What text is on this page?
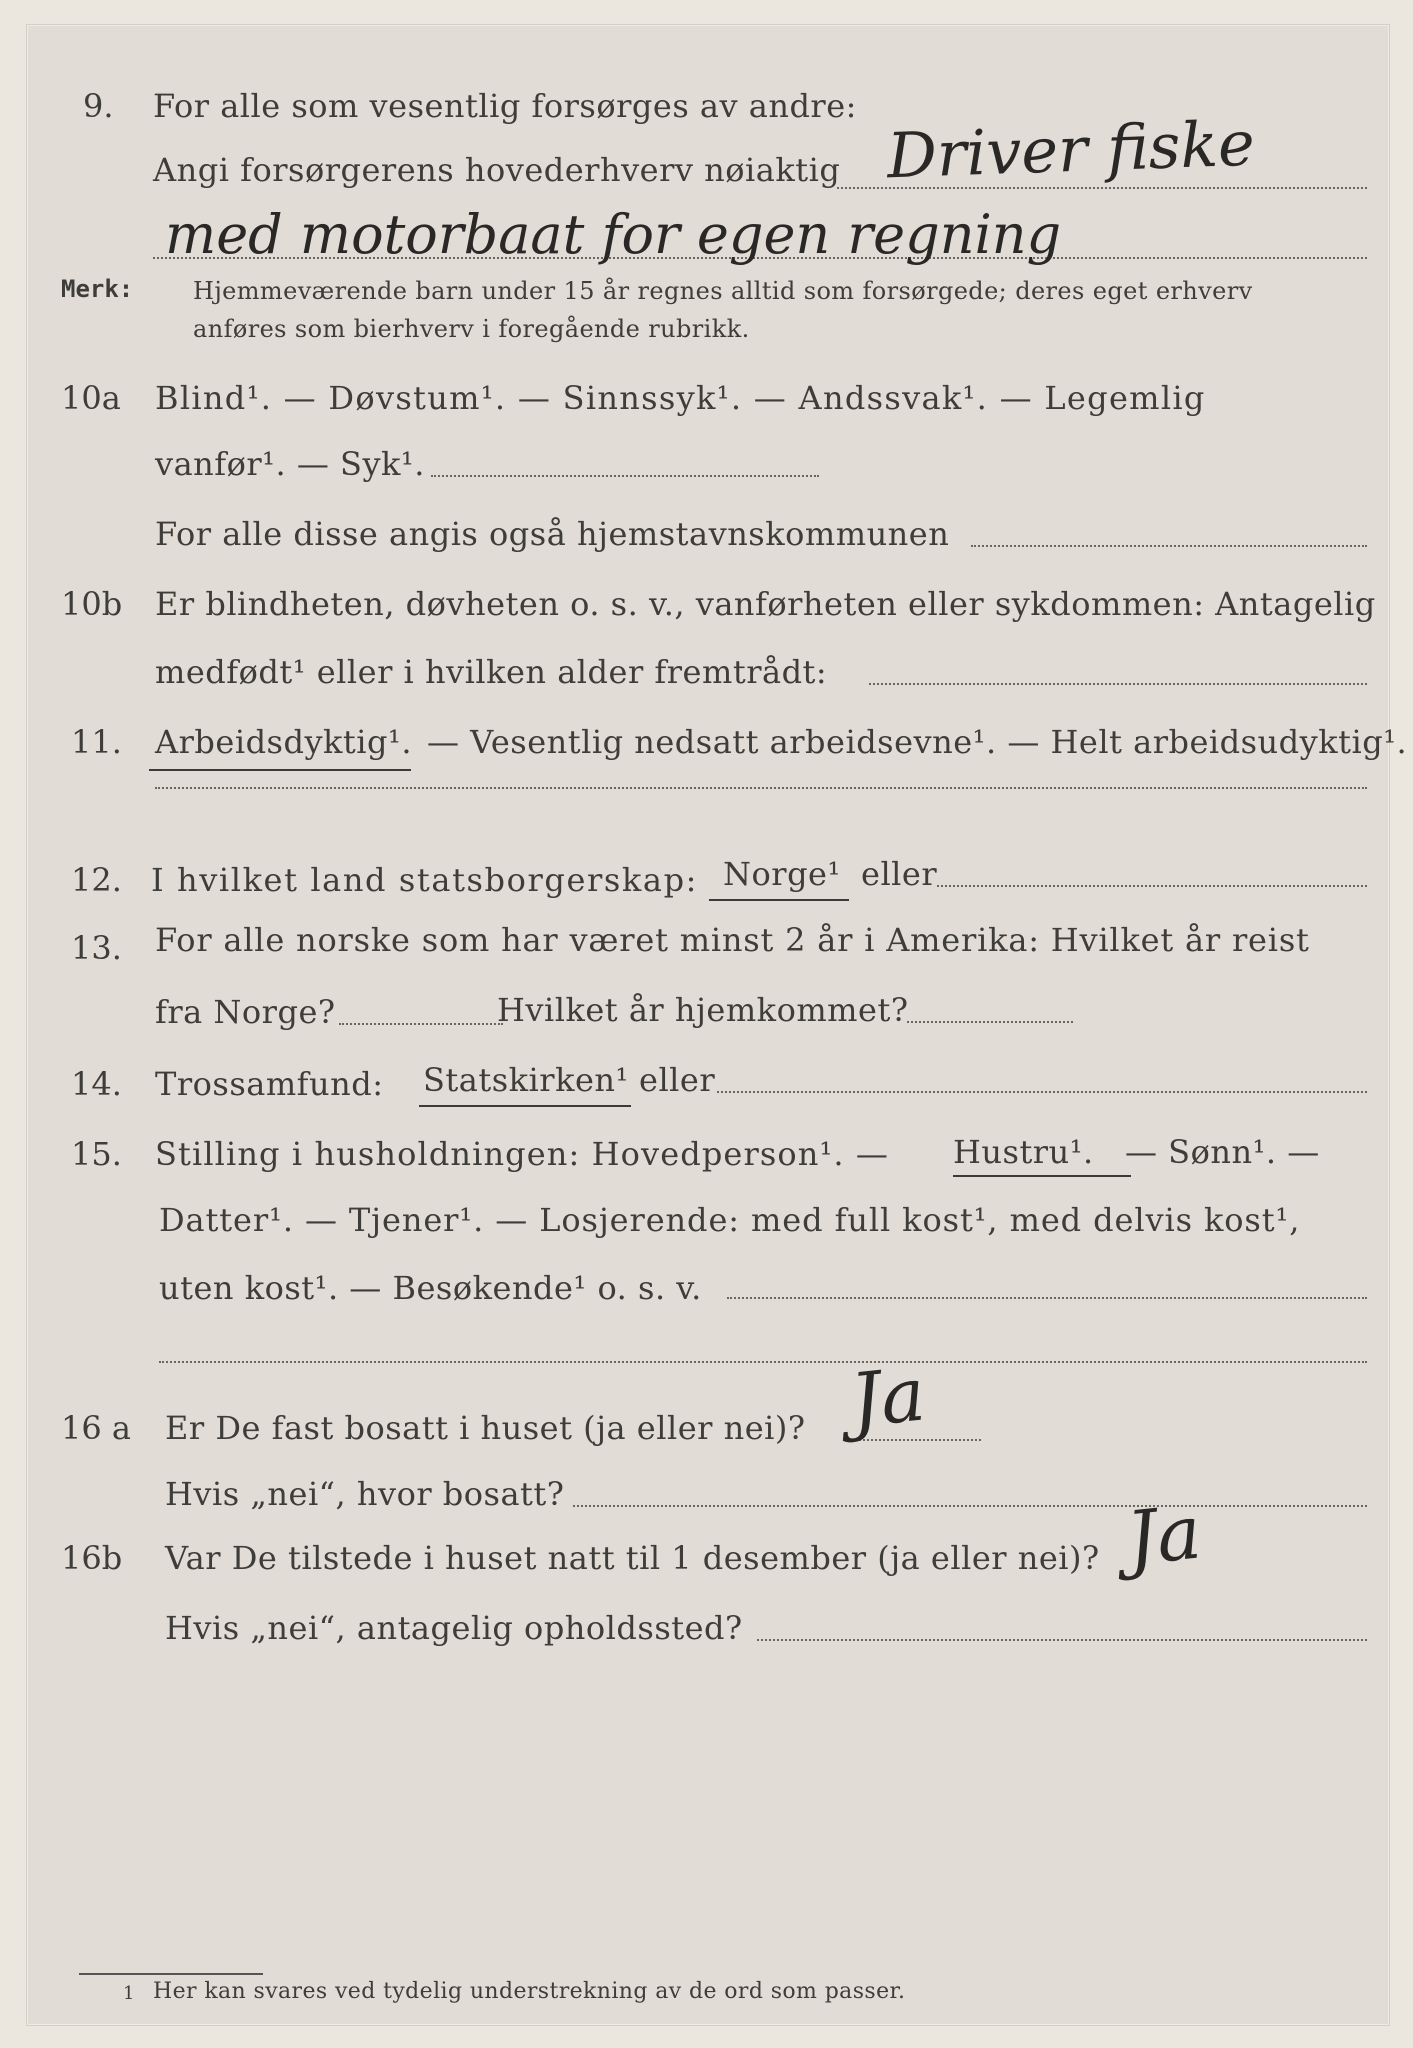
9. For alle som vesentlig forsørges av andre:
Angi forsørgerens hovederhverv nøiaktig Driver fiske
med motorbaat for egen regning
Merk: Hjemmeværende barn under 15 år regnes alltid som forsørgede; deres eget erhverv
anføres som bierhverv i foregående rubrikk.
10a Blind¹. — Døvstum¹. — Sinnssyk¹. — Andssvak¹. — Legemlig
vanfør¹. — Syk¹.
For alle disse angis også hjemstavnskommunen
10b Er blindheten, døvheten o. s. v., vanførheten eller sykdommen: Antagelig
medfødt¹ eller i hvilken alder fremtrådt:
11. Arbeidsdyktig¹. — Vesentlig nedsatt arbeidsevne¹. — Helt arbeidsudyktig¹.
12. I hvilket land statsborgerskap: Norge¹ eller
13. For alle norske som har været minst 2 år i Amerika: Hvilket år reist
fra Norge?	Hvilket år hjemkommet?
14. Trossamfund: Statskirken¹ eller
15. Stilling i husholdningen: Hovedperson¹. — Hustru¹. — Sønn¹. —
Datter¹. — Tjener¹. — Losjerende: med full kost¹, med delvis kost¹,
uten kost¹. — Besøkende¹ o. s. v.
16 a Er De fast bosatt i huset (ja eller nei)? Ja
Hvis „nei“, hvor bosatt?
16b Var De tilstede i huset natt til 1 desember (ja eller nei)? Ja
Hvis „nei“, antagelig opholdssted?
1 Her kan svares ved tydelig understrekning av de ord som passer.
